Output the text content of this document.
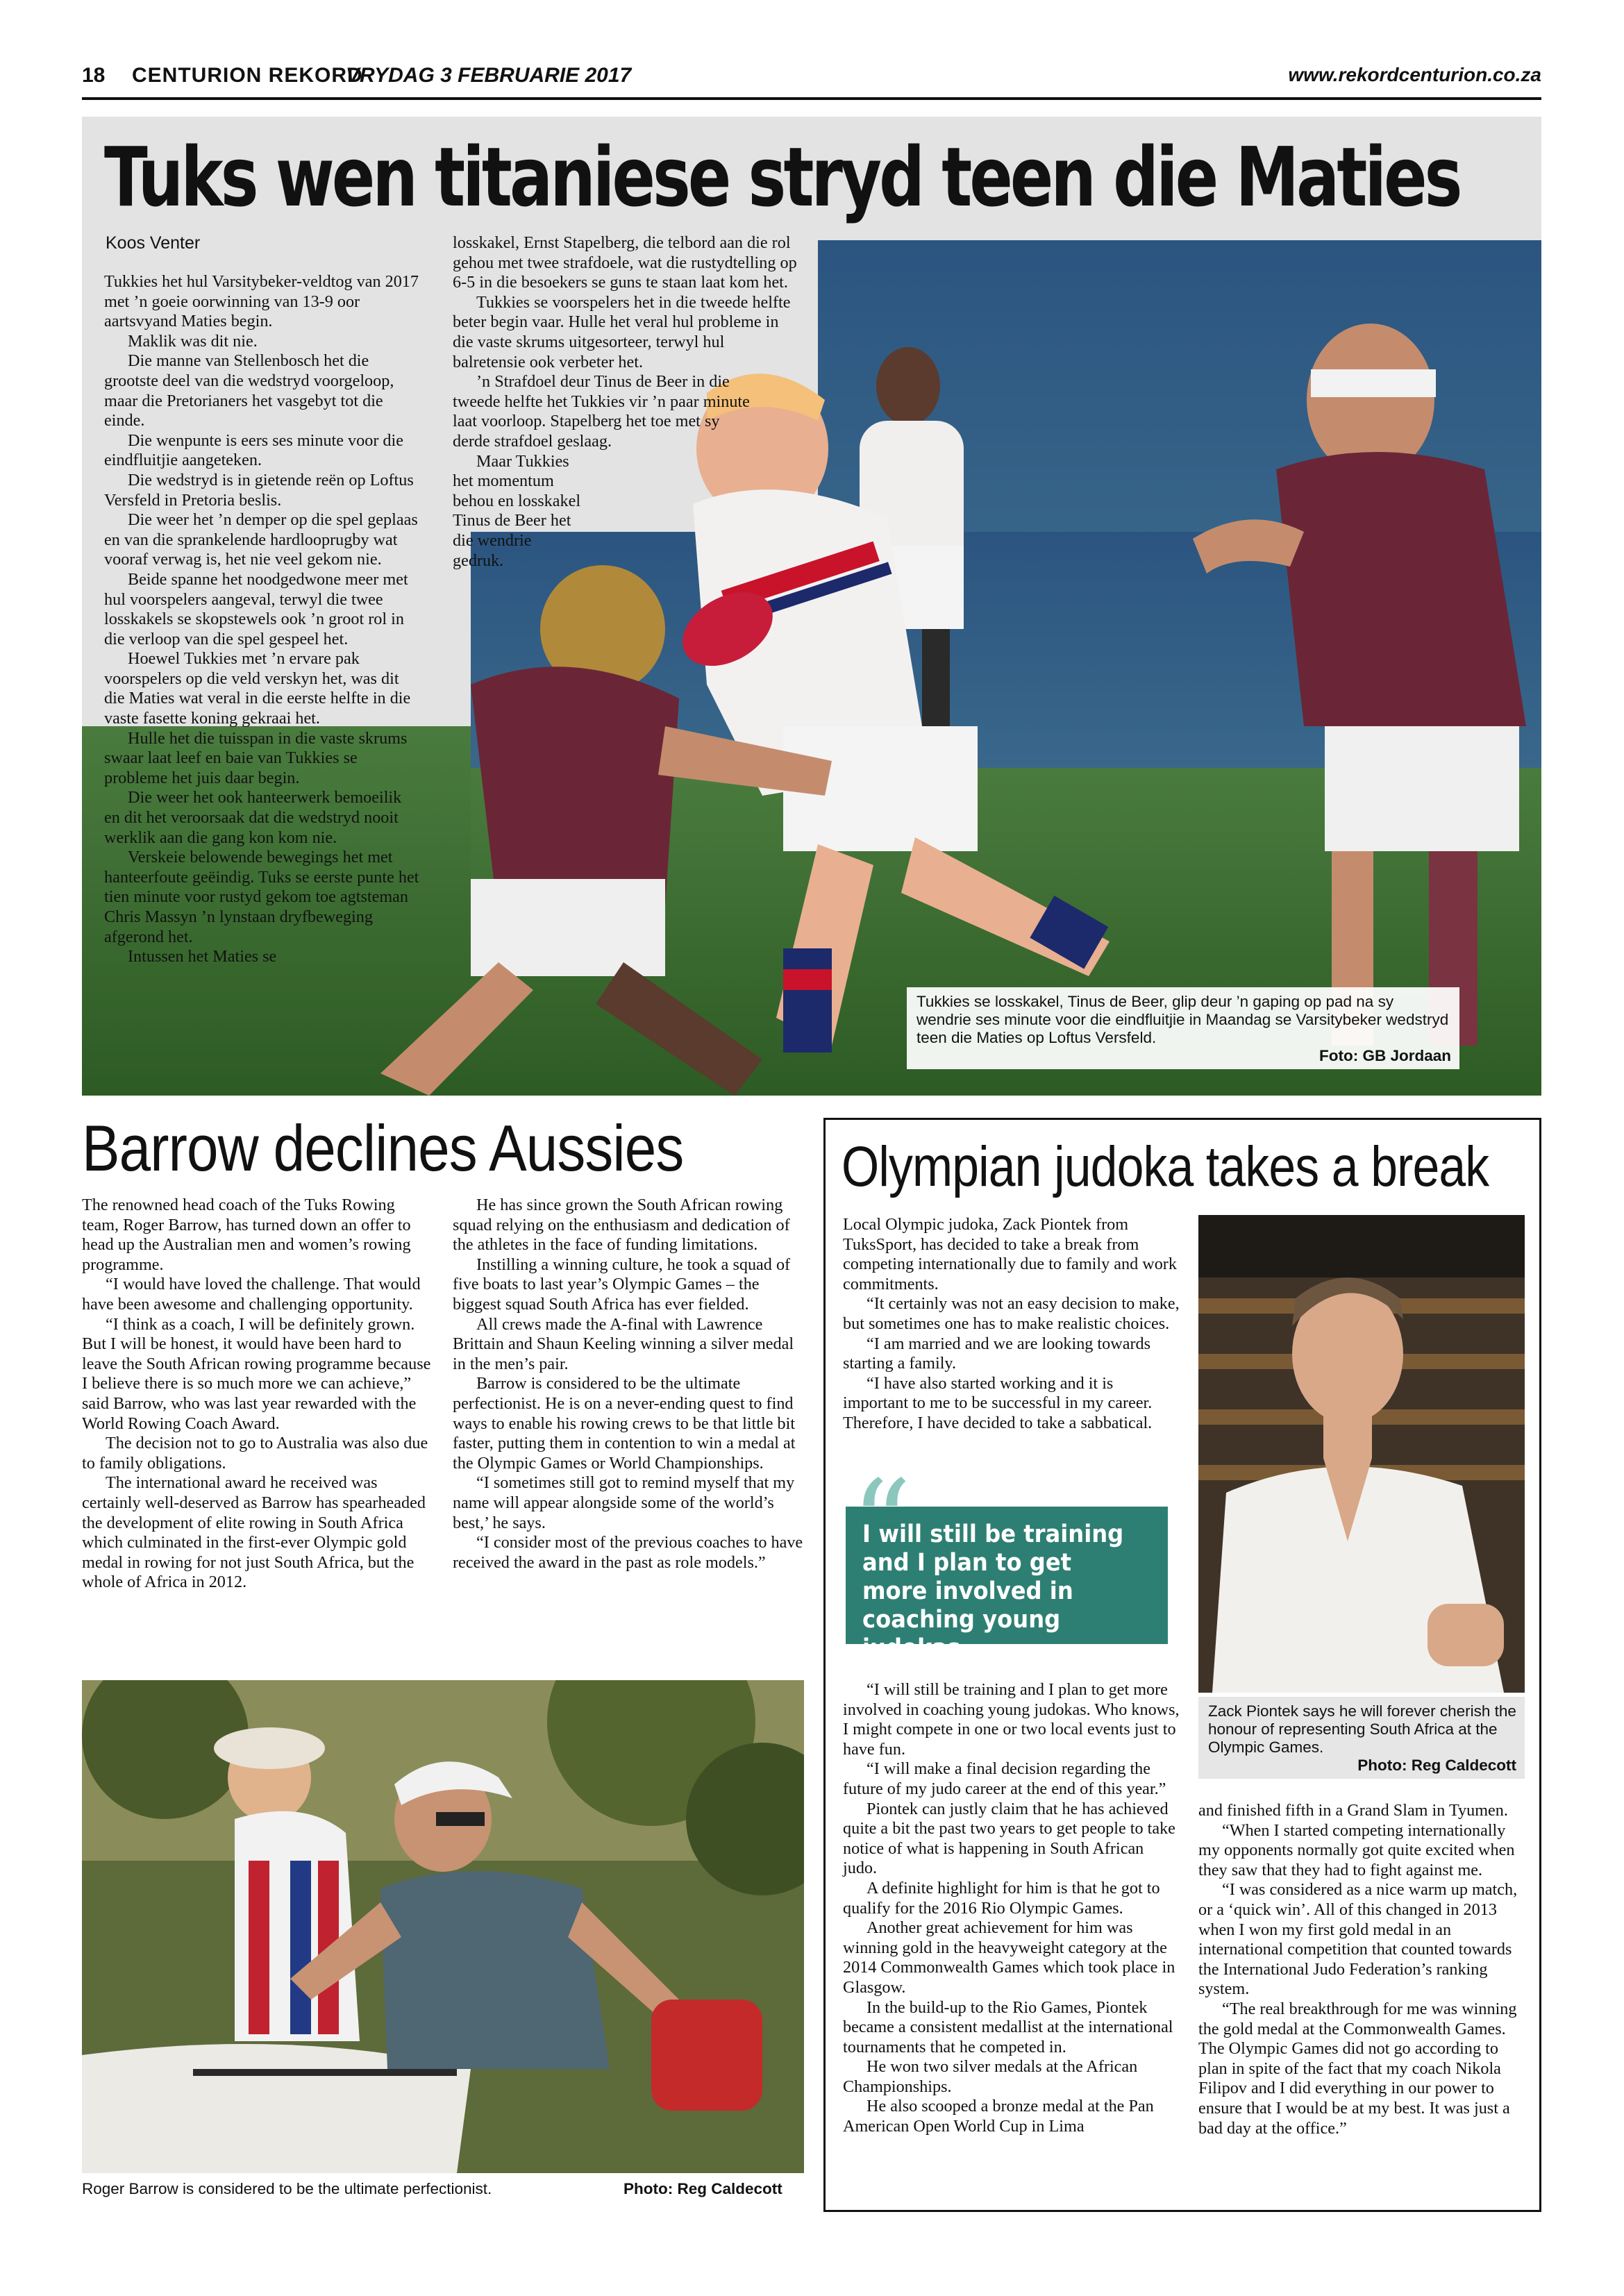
18 CENTURION REKORD
VRYDAG 3 FEBRUARIE 2017	www.rekordcenturion.co.za
Tuks wen titaniese stryd teen die Maties
Koos Venter

Tukkies het hul Varsitybeker-veldtog van 2017 met ’n goeie oorwinning van 13-9 oor aartsvyand Maties begin.

Maklik was dit nie.

Die manne van Stellenbosch het die grootste deel van die wedstryd voorgeloop, maar die Pretorianers het vasgebyt tot die einde.

Die wenpunte is eers ses minute voor die eindfluitjie aangeteken.

Die wedstryd is in gietende reën op Loftus Versfeld in Pretoria beslis.

Die weer het ’n demper op die spel geplaas en van die sprankelende hardlooprugby wat vooraf verwag is, het nie veel gekom nie.

Beide spanne het noodgedwone meer met hul voorspelers aangeval, terwyl die twee losskakels se skopstewels ook ’n groot rol in die verloop van die spel gespeel het.

Hoewel Tukkies met ’n ervare pak voorspelers op die veld verskyn het, was dit die Maties wat veral in die eerste helfte in die vaste fasette koning gekraai het.

Hulle het die tuisspan in die vaste skrums swaar laat leef en baie van Tukkies se probleme het juis daar begin.

Die weer het ook hanteerwerk bemoeilik en dit het veroorsaak dat die wedstryd nooit werklik aan die gang kon kom nie.

Verskeie belowende bewegings het met hanteerfoute geëindig. Tuks se eerste punte het tien minute voor rustyd gekom toe agtsteman Chris Massyn ’n lynstaan dryfbeweging afgerond het.

Intussen het Maties se

losskakel, Ernst Stapelberg, die telbord aan die rol gehou met twee strafdoele, wat die rustydtelling op 6-5 in die besoekers se guns te staan laat kom het.

Tukkies se voorspelers het in die tweede helfte beter begin vaar. Hulle het veral hul probleme in die vaste skrums uitgesorteer, terwyl hul balretensie ook verbeter het.

’n Strafdoel deur Tinus de Beer in die tweede helfte het Tukkies vir ’n paar minute laat voorloop. Stapelberg het toe met sy derde strafdoel geslaag.

Maar Tukkies het momentum behou en losskakel Tinus de Beer het die wendrie gedruk.

Tukkies se losskakel, Tinus de Beer, glip deur ’n gaping op pad na sy wendrie ses minute voor die eindfluitjie in Maandag se Varsitybeker wedstryd teen die Maties op Loftus Versfeld.
Foto: GB Jordaan
Barrow declines Aussies

The renowned head coach of the Tuks Rowing team, Roger Barrow, has turned down an offer to head up the Australian men and women’s rowing programme.

“I would have loved the challenge. That would have been awesome and challenging opportunity.

“I think as a coach, I will be definitely grown. But I will be honest, it would have been hard to leave the South African rowing programme because I believe there is so much more we can achieve,” said Barrow, who was last year rewarded with the World Rowing Coach Award.

The decision not to go to Australia was also due to family obligations.

The international award he received was certainly well-deserved as Barrow has spearheaded the development of elite rowing in South Africa which culminated in the first-ever Olympic gold medal in rowing for not just South Africa, but the whole of Africa in 2012.

He has since grown the South African rowing squad relying on the enthusiasm and dedication of the athletes in the face of funding limitations.

Instilling a winning culture, he took a squad of five boats to last year’s Olympic Games – the biggest squad South Africa has ever fielded.

All crews made the A-final with Lawrence Brittain and Shaun Keeling winning a silver medal in the men’s pair.

Barrow is considered to be the ultimate perfectionist. He is on a never-ending quest to find ways to enable his rowing crews to be that little bit faster, putting them in contention to win a medal at the Olympic Games or World Championships.

“I sometimes still got to remind myself that my name will appear alongside some of the world’s best,’ he says.

“I consider most of the previous coaches to have received the award in the past as role models.”

Roger Barrow is considered to be the ultimate perfectionist.	Photo: Reg Caldecott
Olympian judoka takes a break

Local Olympic judoka, Zack Piontek from TuksSport, has decided to take a break from competing internationally due to family and work commitments.

“It certainly was not an easy decision to make, but sometimes one has to make realistic choices.

“I am married and we are looking towards starting a family.

“I have also started working and it is important to me to be successful in my career. Therefore, I have decided to take a sabbatical.

“
I will still be training and I plan to get more involved in coaching young judokas.

“I will still be training and I plan to get more involved in coaching young judokas. Who knows, I might compete in one or two local events just to have fun.

“I will make a final decision regarding the future of my judo career at the end of this year.”

Piontek can justly claim that he has achieved quite a bit the past two years to get people to take notice of what is happening in South African judo.

A definite highlight for him is that he got to qualify for the 2016 Rio Olympic Games.

Another great achievement for him was winning gold in the heavyweight category at the 2014 Commonwealth Games which took place in Glasgow.

In the build-up to the Rio Games, Piontek became a consistent medallist at the international tournaments that he competed in.

He won two silver medals at the African Championships.

He also scooped a bronze medal at the Pan American Open World Cup in Lima

Zack Piontek says he will forever cherish the honour of representing South Africa at the Olympic Games.
Photo: Reg Caldecott

and finished fifth in a Grand Slam in Tyumen.

“When I started competing internationally my opponents normally got quite excited when they saw that they had to fight against me.

“I was considered as a nice warm up match, or a ‘quick win’. All of this changed in 2013 when I won my first gold medal in an international competition that counted towards the International Judo Federation’s ranking system.

“The real breakthrough for me was winning the gold medal at the Commonwealth Games. The Olympic Games did not go according to plan in spite of the fact that my coach Nikola Filipov and I did everything in our power to ensure that I would be at my best. It was just a bad day at the office.”
